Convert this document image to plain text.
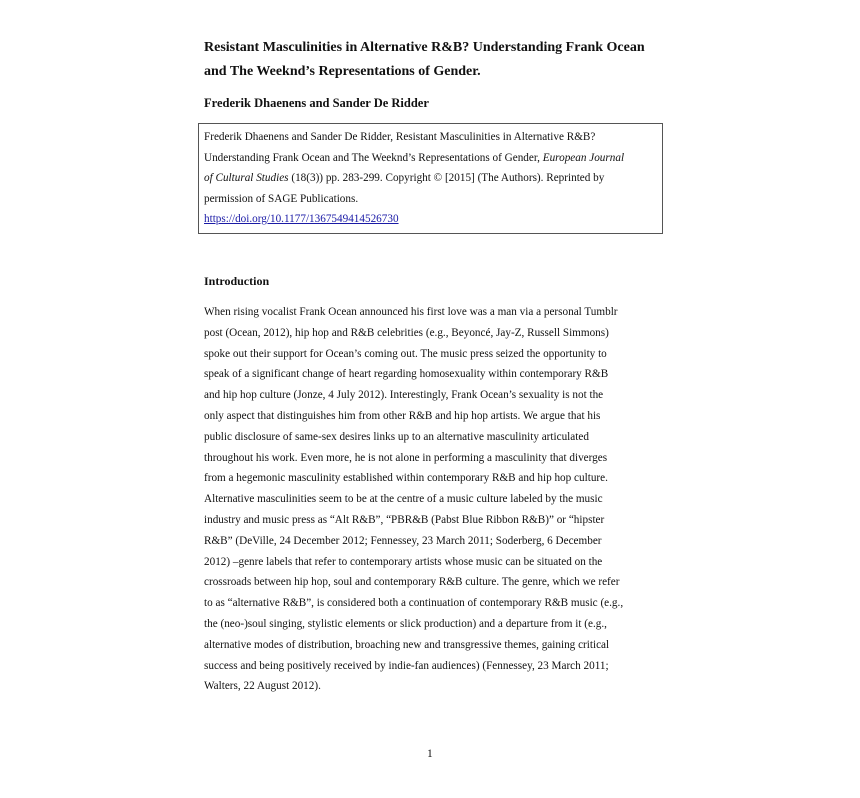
Resistant Masculinities in Alternative R&B? Understanding Frank Ocean
and The Weeknd’s Representations of Gender.
Frederik Dhaenens and Sander De Ridder
Frederik Dhaenens and Sander De Ridder, Resistant Masculinities in Alternative R&B?
Understanding Frank Ocean and The Weeknd’s Representations of Gender, European Journal
of Cultural Studies (18(3)) pp. 283-299. Copyright © [2015] (The Authors). Reprinted by
permission of SAGE Publications.
https://doi.org/10.1177/1367549414526730
Introduction
When rising vocalist Frank Ocean announced his first love was a man via a personal Tumblr
post (Ocean, 2012), hip hop and R&B celebrities (e.g., Beyoncé, Jay-Z, Russell Simmons)
spoke out their support for Ocean’s coming out. The music press seized the opportunity to
speak of a significant change of heart regarding homosexuality within contemporary R&B
and hip hop culture (Jonze, 4 July 2012). Interestingly, Frank Ocean’s sexuality is not the
only aspect that distinguishes him from other R&B and hip hop artists. We argue that his
public disclosure of same-sex desires links up to an alternative masculinity articulated
throughout his work. Even more, he is not alone in performing a masculinity that diverges
from a hegemonic masculinity established within contemporary R&B and hip hop culture.
Alternative masculinities seem to be at the centre of a music culture labeled by the music
industry and music press as “Alt R&B”, “PBR&B (Pabst Blue Ribbon R&B)” or “hipster
R&B” (DeVille, 24 December 2012; Fennessey, 23 March 2011; Soderberg, 6 December
2012) –genre labels that refer to contemporary artists whose music can be situated on the
crossroads between hip hop, soul and contemporary R&B culture. The genre, which we refer
to as “alternative R&B”, is considered both a continuation of contemporary R&B music (e.g.,
the (neo-)soul singing, stylistic elements or slick production) and a departure from it (e.g.,
alternative modes of distribution, broaching new and transgressive themes, gaining critical
success and being positively received by indie-fan audiences) (Fennessey, 23 March 2011;
Walters, 22 August 2012).
1
